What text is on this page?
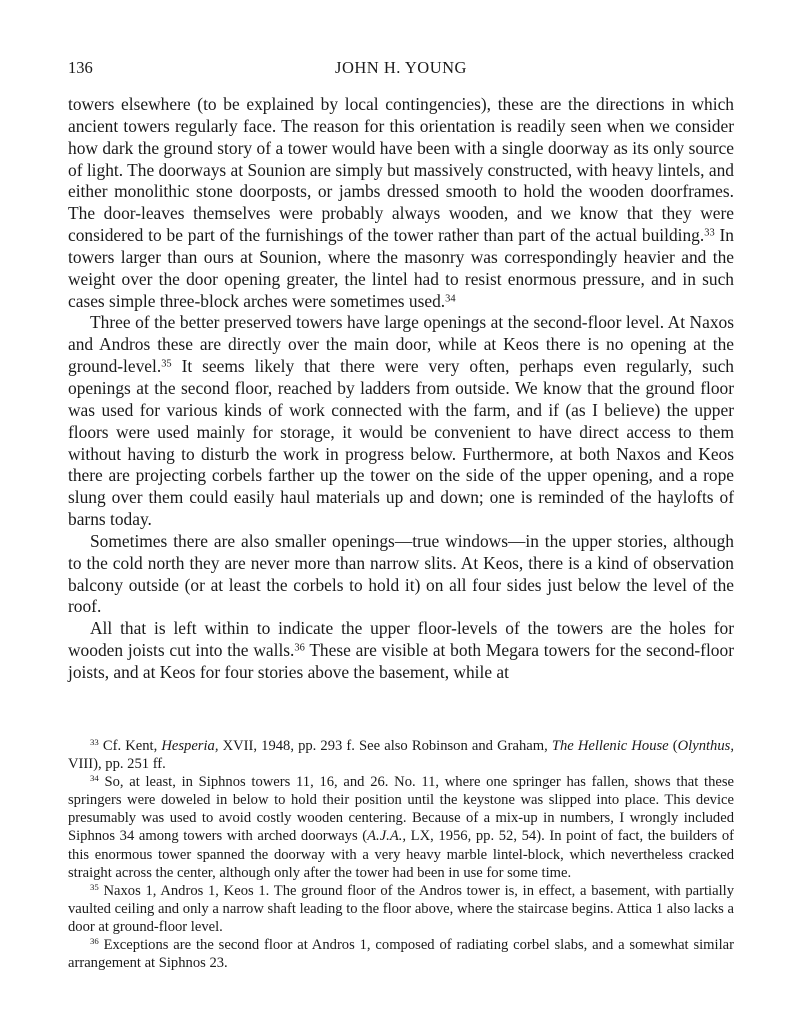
136	JOHN H. YOUNG

towers elsewhere (to be explained by local contingencies), these are the directions in which ancient towers regularly face. The reason for this orientation is readily seen when we consider how dark the ground story of a tower would have been with a single doorway as its only source of light. The doorways at Sounion are simply but massively constructed, with heavy lintels, and either monolithic stone doorposts, or jambs dressed smooth to hold the wooden doorframes. The door-leaves themselves were probably always wooden, and we know that they were considered to be part of the furnishings of the tower rather than part of the actual building.$^{33}$ In towers larger than ours at Sounion, where the masonry was correspondingly heavier and the weight over the door opening greater, the lintel had to resist enormous pressure, and in such cases simple three-block arches were sometimes used.$^{34}$

Three of the better preserved towers have large openings at the second-floor level. At Naxos and Andros these are directly over the main door, while at Keos there is no opening at the ground-level.$^{35}$ It seems likely that there were very often, perhaps even regularly, such openings at the second floor, reached by ladders from outside. We know that the ground floor was used for various kinds of work connected with the farm, and if (as I believe) the upper floors were used mainly for storage, it would be convenient to have direct access to them without having to disturb the work in progress below. Furthermore, at both Naxos and Keos there are projecting corbels farther up the tower on the side of the upper opening, and a rope slung over them could easily haul materials up and down; one is reminded of the haylofts of barns today.

Sometimes there are also smaller openings—true windows—in the upper stories, although to the cold north they are never more than narrow slits. At Keos, there is a kind of observation balcony outside (or at least the corbels to hold it) on all four sides just below the level of the roof.

All that is left within to indicate the upper floor-levels of the towers are the holes for wooden joists cut into the walls.$^{36}$ These are visible at both Megara towers for the second-floor joists, and at Keos for four stories above the basement, while at

$^{33}$ Cf. Kent, Hesperia, XVII, 1948, pp. 293 f. See also Robinson and Graham, The Hellenic House (Olynthus, VIII), pp. 251 ff.

$^{34}$ So, at least, in Siphnos towers 11, 16, and 26. No. 11, where one springer has fallen, shows that these springers were doweled in below to hold their position until the keystone was slipped into place. This device presumably was used to avoid costly wooden centering. Because of a mix-up in numbers, I wrongly included Siphnos 34 among towers with arched doorways (A.J.A., LX, 1956, pp. 52, 54). In point of fact, the builders of this enormous tower spanned the doorway with a very heavy marble lintel-block, which nevertheless cracked straight across the center, although only after the tower had been in use for some time.

$^{35}$ Naxos 1, Andros 1, Keos 1. The ground floor of the Andros tower is, in effect, a basement, with partially vaulted ceiling and only a narrow shaft leading to the floor above, where the staircase begins. Attica 1 also lacks a door at ground-floor level.

$^{36}$ Exceptions are the second floor at Andros 1, composed of radiating corbel slabs, and a somewhat similar arrangement at Siphnos 23.
